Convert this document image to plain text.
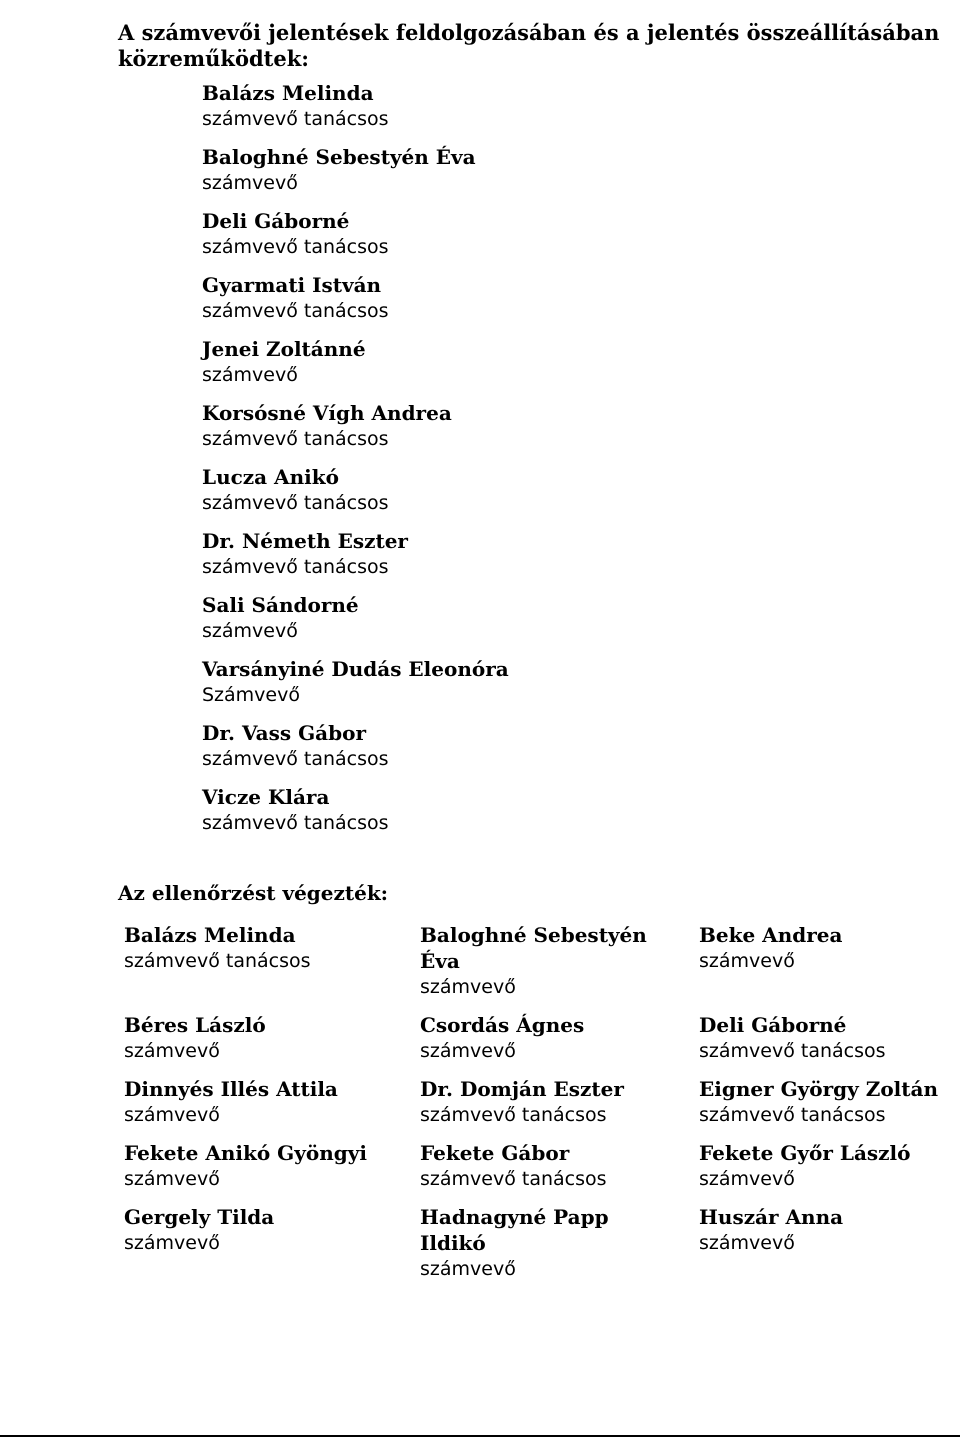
A számvevői jelentések feldolgozásában és a jelentés összeállításában közreműködtek:
Balázs Melinda
számvevő tanácsos
Baloghné Sebestyén Éva
számvevő
Deli Gáborné
számvevő tanácsos
Gyarmati István
számvevő tanácsos
Jenei Zoltánné
számvevő
Korsósné Vígh Andrea
számvevő tanácsos
Lucza Anikó
számvevő tanácsos
Dr. Németh Eszter
számvevő tanácsos
Sali Sándorné
számvevő
Varsányiné Dudás Eleonóra
Számvevő
Dr. Vass Gábor
számvevő tanácsos
Vicze Klára
számvevő tanácsos
Az ellenőrzést végezték:
Balázs Melinda
számvevő tanácsos
Baloghné Sebestyén Éva
számvevő
Beke Andrea
számvevő
Béres László
számvevő
Csordás Ágnes
számvevő
Deli Gáborné
számvevő tanácsos
Dinnyés Illés Attila
számvevő
Dr. Domján Eszter
számvevő tanácsos
Eigner György Zoltán
számvevő tanácsos
Fekete Anikó Gyöngyi
számvevő
Fekete Gábor
számvevő tanácsos
Fekete Győr László
számvevő
Gergely Tilda
számvevő
Hadnagyné Papp Ildikó
számvevő
Huszár Anna
számvevő
